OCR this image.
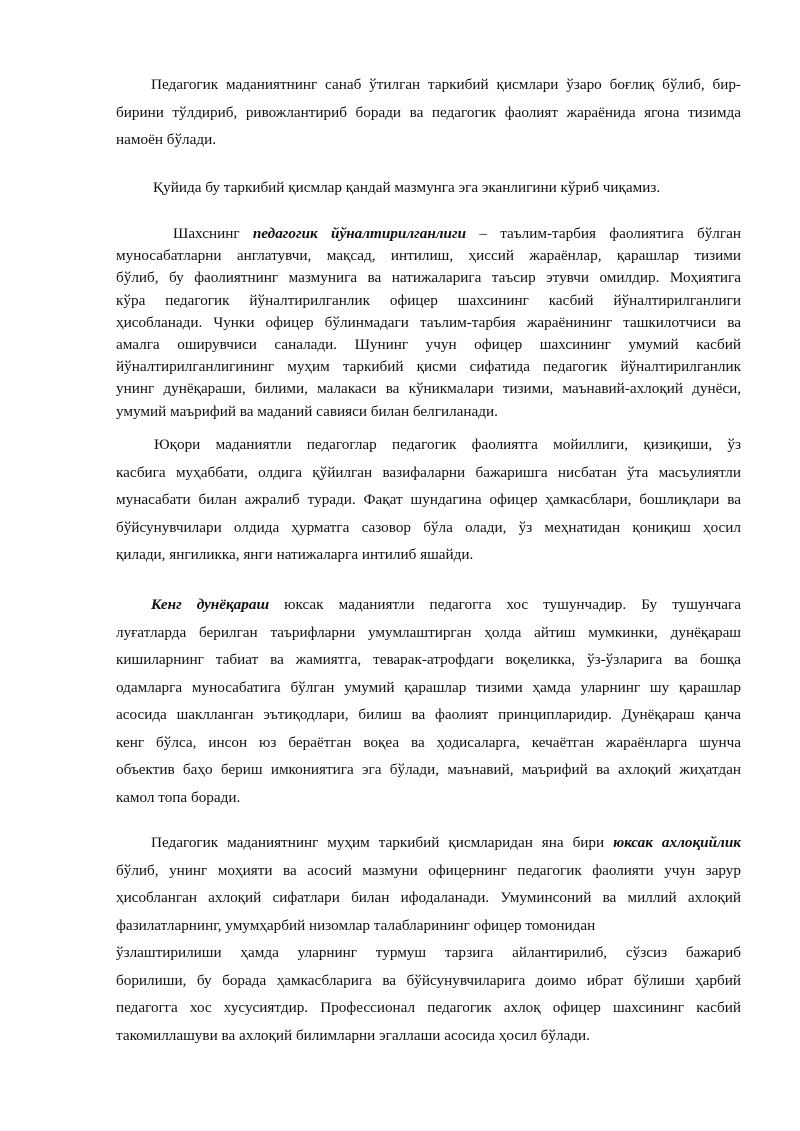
Педагогик маданиятнинг санаб ўтилган таркибий қисмлари ўзаро боғлиқ бўлиб, бир-
бирини тўлдириб, ривожлантириб боради ва педагогик фаолият жараёнида ягона тизимда
намоён бўлади.
Қуйида бу таркибий қисмлар қандай мазмунга эга эканлигини кўриб чиқамиз.
Шахснинг педагогик йўналтирилганлиги – таълим-тарбия фаолиятига бўлган
муносабатларни англатувчи, мақсад, интилиш, ҳиссий жараёнлар, қарашлар тизими
бўлиб, бу фаолиятнинг мазмунига ва натижаларига таъсир этувчи омилдир. Моҳиятига
кўра педагогик йўналтирилганлик офицер шахсининг касбий йўналтирилганлиги
ҳисобланади. Чунки офицер бўлинмадаги таълим-тарбия жараёнининг ташкилотчиси ва
амалга оширувчиси саналади. Шунинг учун офицер шахсининг умумий касбий
йўналтирилганлигининг муҳим таркибий қисми сифатида педагогик йўналтирилганлик
унинг дунёқараши, билими, малакаси ва кўникмалари тизими, маънавий-ахлоқий дунёси,
умумий маърифий ва маданий савияси билан белгиланади.
Юқори маданиятли педагоглар педагогик фаолиятга мойиллиги, қизиқиши, ўз
касбига муҳаббати, олдига қўйилган вазифаларни бажаришга нисбатан ўта масъулиятли
мунасабати билан ажралиб туради. Фақат шундагина офицер ҳамкасблари, бошлиқлари ва
бўйсунувчилари олдида ҳурматга сазовор бўла олади, ўз меҳнатидан қониқиш ҳосил
қилади, янгиликка, янги натижаларга интилиб яшайди.
Кенг дунёқараш юксак маданиятли педагогга хос тушунчадир. Бу тушунчага
луғатларда берилган таърифларни умумлаштирган ҳолда айтиш мумкинки, дунёқараш
кишиларнинг табиат ва жамиятга, теварак-атрофдаги воқеликка, ўз-ўзларига ва бошқа
одамларга муносабатига бўлган умумий қарашлар тизими ҳамда уларнинг шу қарашлар
асосида шаклланган эътиқодлари, билиш ва фаолият принципларидир. Дунёқараш қанча
кенг бўлса, инсон юз бераётган воқеа ва ҳодисаларга, кечаётган жараёнларга шунча
объектив баҳо бериш имкониятига эга бўлади, маънавий, маърифий ва ахлоқий жиҳатдан
камол топа боради.
Педагогик маданиятнинг муҳим таркибий қисмларидан яна бири юксак ахлоқийлик
бўлиб, унинг моҳияти ва асосий мазмуни офицернинг педагогик фаолияти учун зарур
ҳисобланган ахлоқий сифатлари билан ифодаланади. Умуминсоний ва миллий ахлоқий
фазилатларнинг, умумҳарбий низомлар талабларининг офицер томонидан
ўзлаштирилиши ҳамда уларнинг турмуш тарзига айлантирилиб, сўзсиз бажариб
борилиши, бу борада ҳамкасбларига ва бўйсунувчиларига доимо ибрат бўлиши ҳарбий
педагогга хос хусусиятдир. Профессионал педагогик ахлоқ офицер шахсининг касбий
такомиллашуви ва ахлоқий билимларни эгаллаши асосида ҳосил бўлади.
